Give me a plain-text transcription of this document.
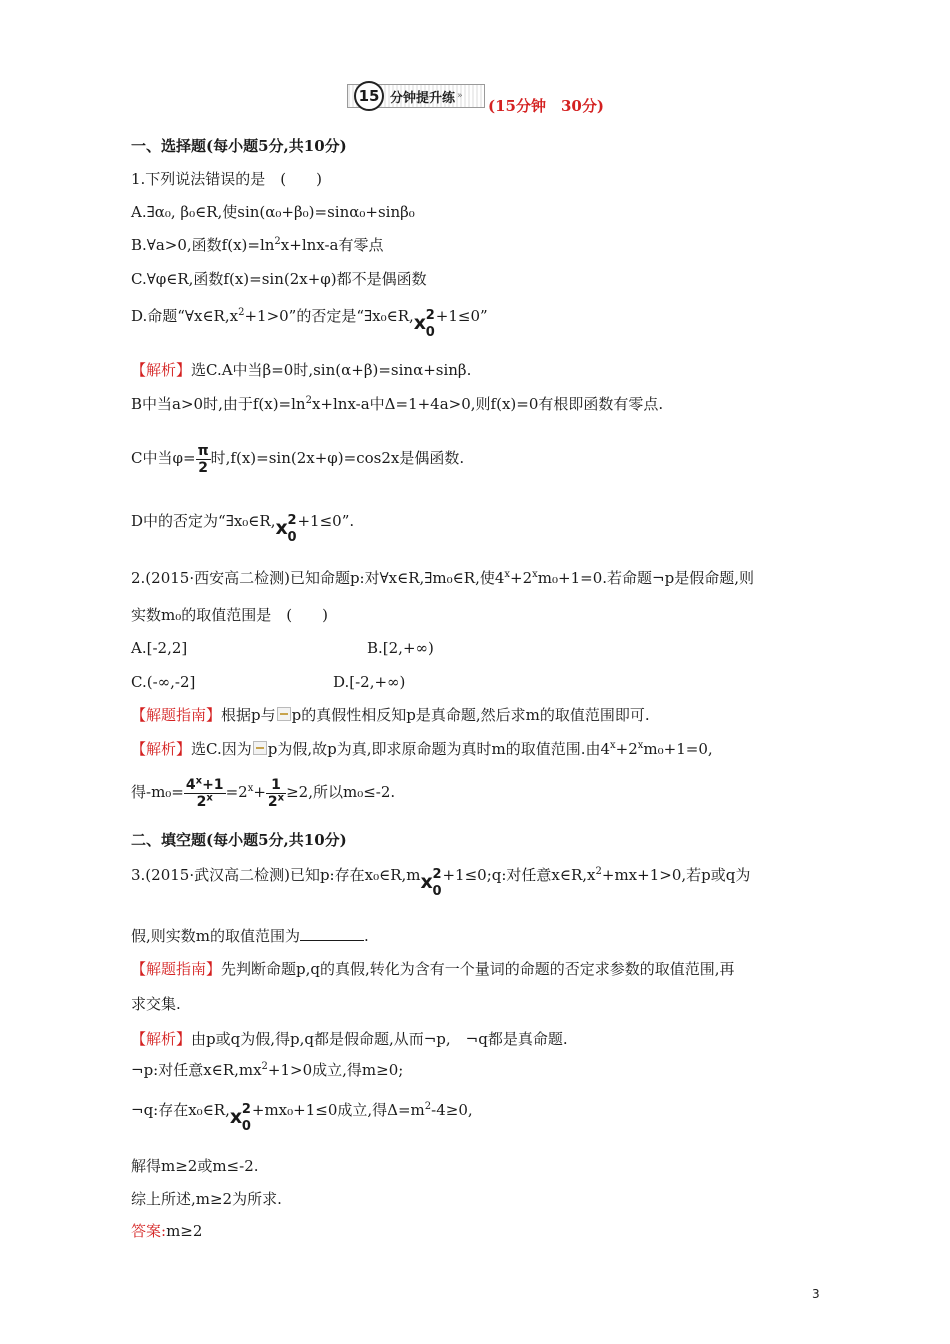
15 分钟提升练 »
(15分钟　30分)
一、选择题(每小题5分,共10分)
1.下列说法错误的是　(　　)
A.∃α₀, β₀∈R,使sin(α₀+β₀)=sinα₀+sinβ₀
B.∀a>0,函数$f(x)=\ln^2x+\ln x-a$有零点
C.∀φ∈R,函数f(x)=sin(2x+φ)都不是偶函数
D.命题“$\forall x\in R,x^2+1>0$”的否定是“∃x₀∈R,x 2
0
+1≤0”
【解析】选C.A中当β=0时,sin(α+β)=sinα+sinβ.
B中当a>0时,由于$f(x)=\ln^2x+\ln x-a$中Δ=1+4a>0,则f(x)=0有根即函数有零点.
C中当$\varphi= \frac{\pi}{2}$ 时,f(x)=sin(2x+φ)=cos2x是偶函数.
D中的否定为“∃x₀∈R,x 2
0
+1≤0”.
2.(2015·西安高二检测)已知命题p:对∀x∈R,∃m₀∈R,使$4^x+2^xm_0+1=0$.若命题¬p是假命题,则
实数m₀的取值范围是　(　　)
A.[-2,2]	B.[2,+∞)
C.(-∞,-2]	D.[-2,+∞)
【解题指南】根据p与 p的真假性相反知p是真命题,然后求m的取值范围即可.
【解析】选C.因为 p为假,故p为真,即求原命题为真时m的取值范围.由$4^x+2^xm_0+1=0$,
得$-m_0= \frac{4^x+1}{2^x} =2^x+ \frac{1}{2^x} \ge 2$,所以m₀≤-2.
二、填空题(每小题5分,共10分)
3.(2015·武汉高二检测)已知p:存在x₀∈R,mx 2
0
+1≤0;q:对任意$x\in R,x^2+mx+1>0$,若p或q为
假,则实数m的取值范围为	.
【解题指南】先判断命题p,q的真假,转化为含有一个量词的命题的否定求参数的取值范围,再
求交集.
【解析】由p或q为假,得p,q都是假命题,从而¬p,　¬q都是真命题.
¬p:对任意$x\in R,mx^2+1>0$成立,得m≥0;
¬q:存在x₀∈R,x 2
0
+mx₀+1≤0成立,得$\Delta=m^2-4\ge 0$,
解得m≥2或m≤-2.
综上所述,m≥2为所求.
答案:m≥2
3
